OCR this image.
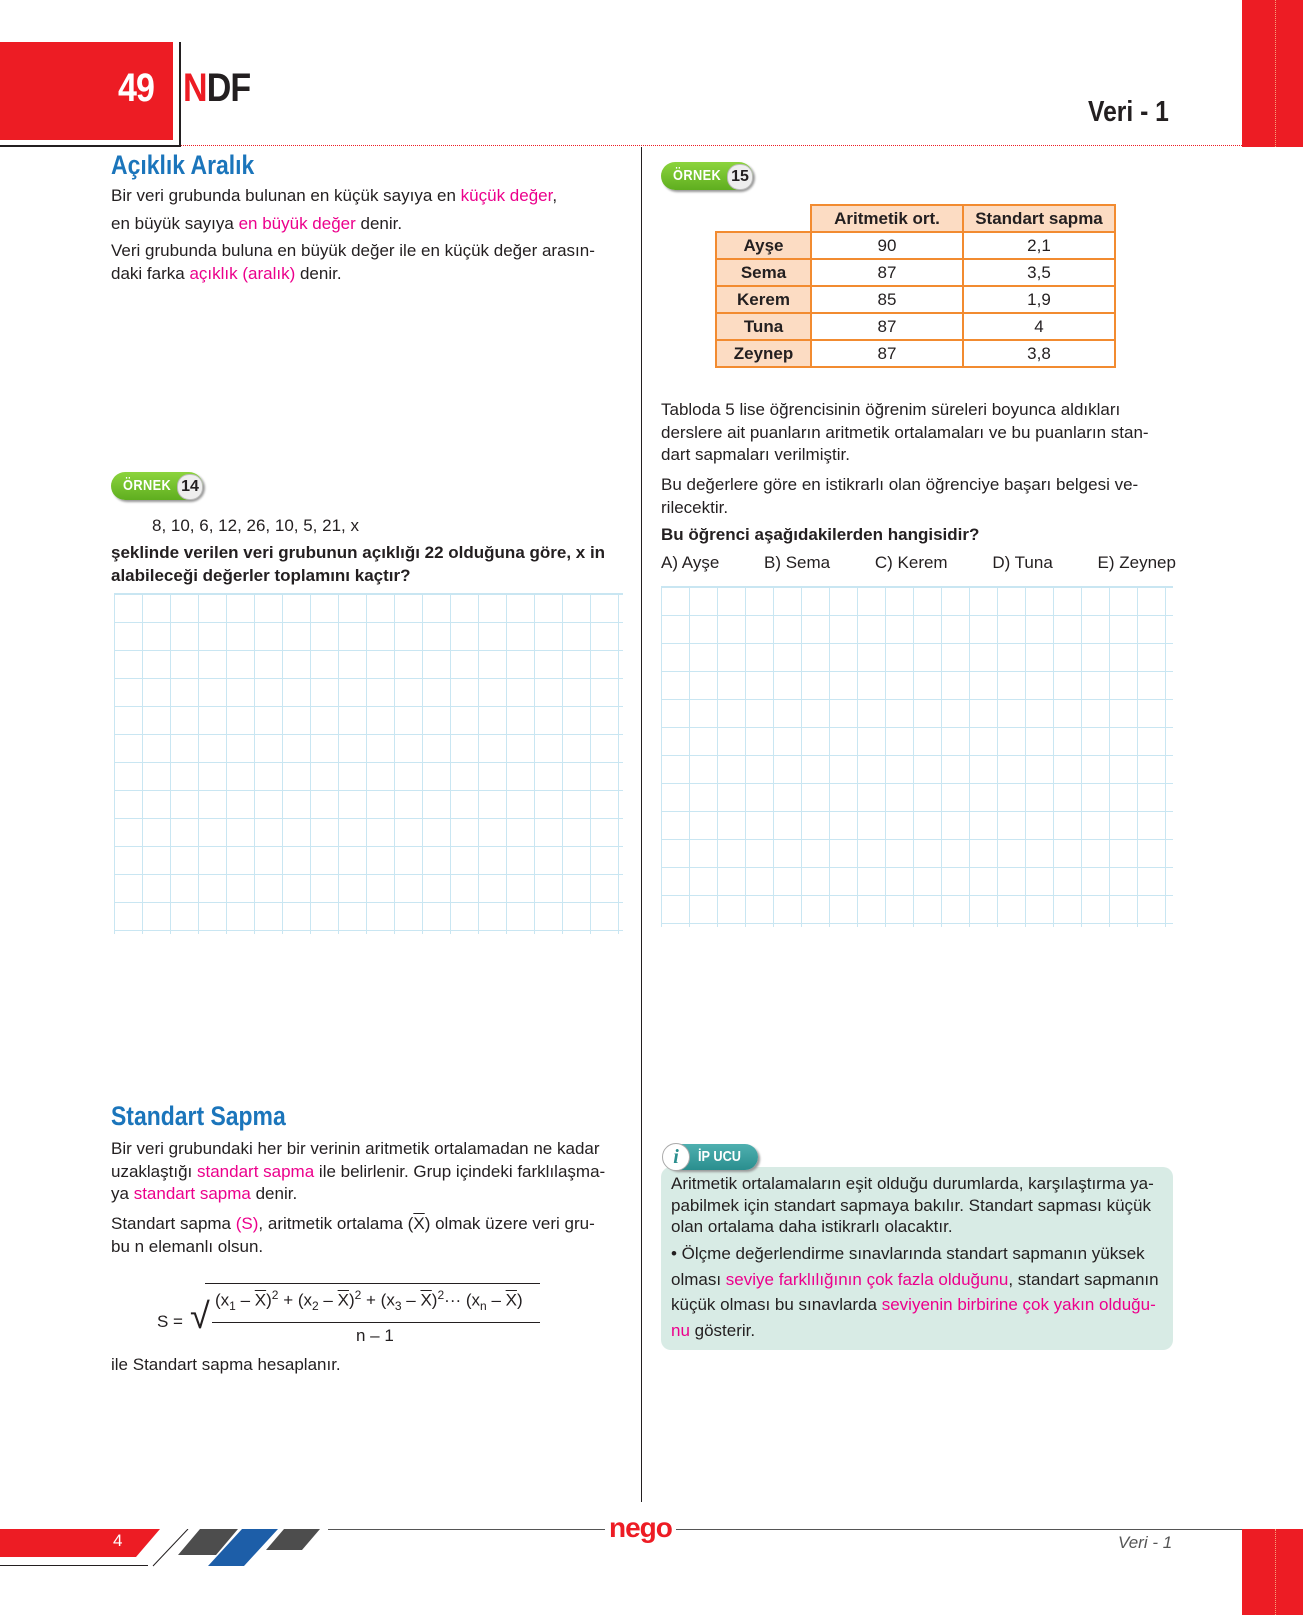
49 NDF
Veri - 1
Açıklık Aralık

Bir veri grubunda bulunan en küçük sayıya en küçük değer,

en büyük sayıya en büyük değer denir.

Veri grubunda buluna en büyük değer ile en küçük değer arasın-
daki farka açıklık (aralık) denir.

ÖRNEK 14

8, 10, 6, 12, 26, 10, 5, 21, x

şeklinde verilen veri grubunun açıklığı 22 olduğuna göre, x in
alabileceği değerler toplamını kaçtır?

ÖRNEK 15
	Aritmetik ort.	Standart sapma
Ayşe	90	2,1
Sema	87	3,5
Kerem	85	1,9
Tuna	87	4
Zeynep	87	3,8

Tabloda 5 lise öğrencisinin öğrenim süreleri boyunca aldıkları
derslere ait puanların aritmetik ortalamaları ve bu puanların stan-
dart sapmaları verilmiştir.

Bu değerlere göre en istikrarlı olan öğrenciye başarı belgesi ve-
rilecektir.

Bu öğrenci aşağıdakilerden hangisidir?

A) Ayşe	B) Sema	C) Kerem	D) Tuna	E) Zeynep
Standart Sapma

Bir veri grubundaki her bir verinin aritmetik ortalamadan ne kadar
uzaklaştığı standart sapma ile belirlenir. Grup içindeki farklılaşma-
ya standart sapma denir.

Standart sapma (S), aritmetik ortalama $(\overline{X})$ olmak üzere veri gru-
bu n elemanlı olsun.

S = √ $(x_1 - \overline{X})^2 + (x_2 - \overline{X})^2 + (x_3 - \overline{X})^2\cdot\cdot\cdot (x_n - \overline{X})$
n – 1

ile Standart sapma hesaplanır.

i	İP UCU

Aritmetik ortalamaların eşit olduğu durumlarda, karşılaştırma ya-
pabilmek için standart sapmaya bakılır. Standart sapması küçük
olan ortalama daha istikrarlı olacaktır.

• Ölçme değerlendirme sınavlarında standart sapmanın yüksek
olması seviye farklılığının çok fazla olduğunu, standart sapmanın
küçük olması bu sınavlarda seviyenin birbirine çok yakın olduğu-
nu gösterir.

4	nego	Veri - 1
